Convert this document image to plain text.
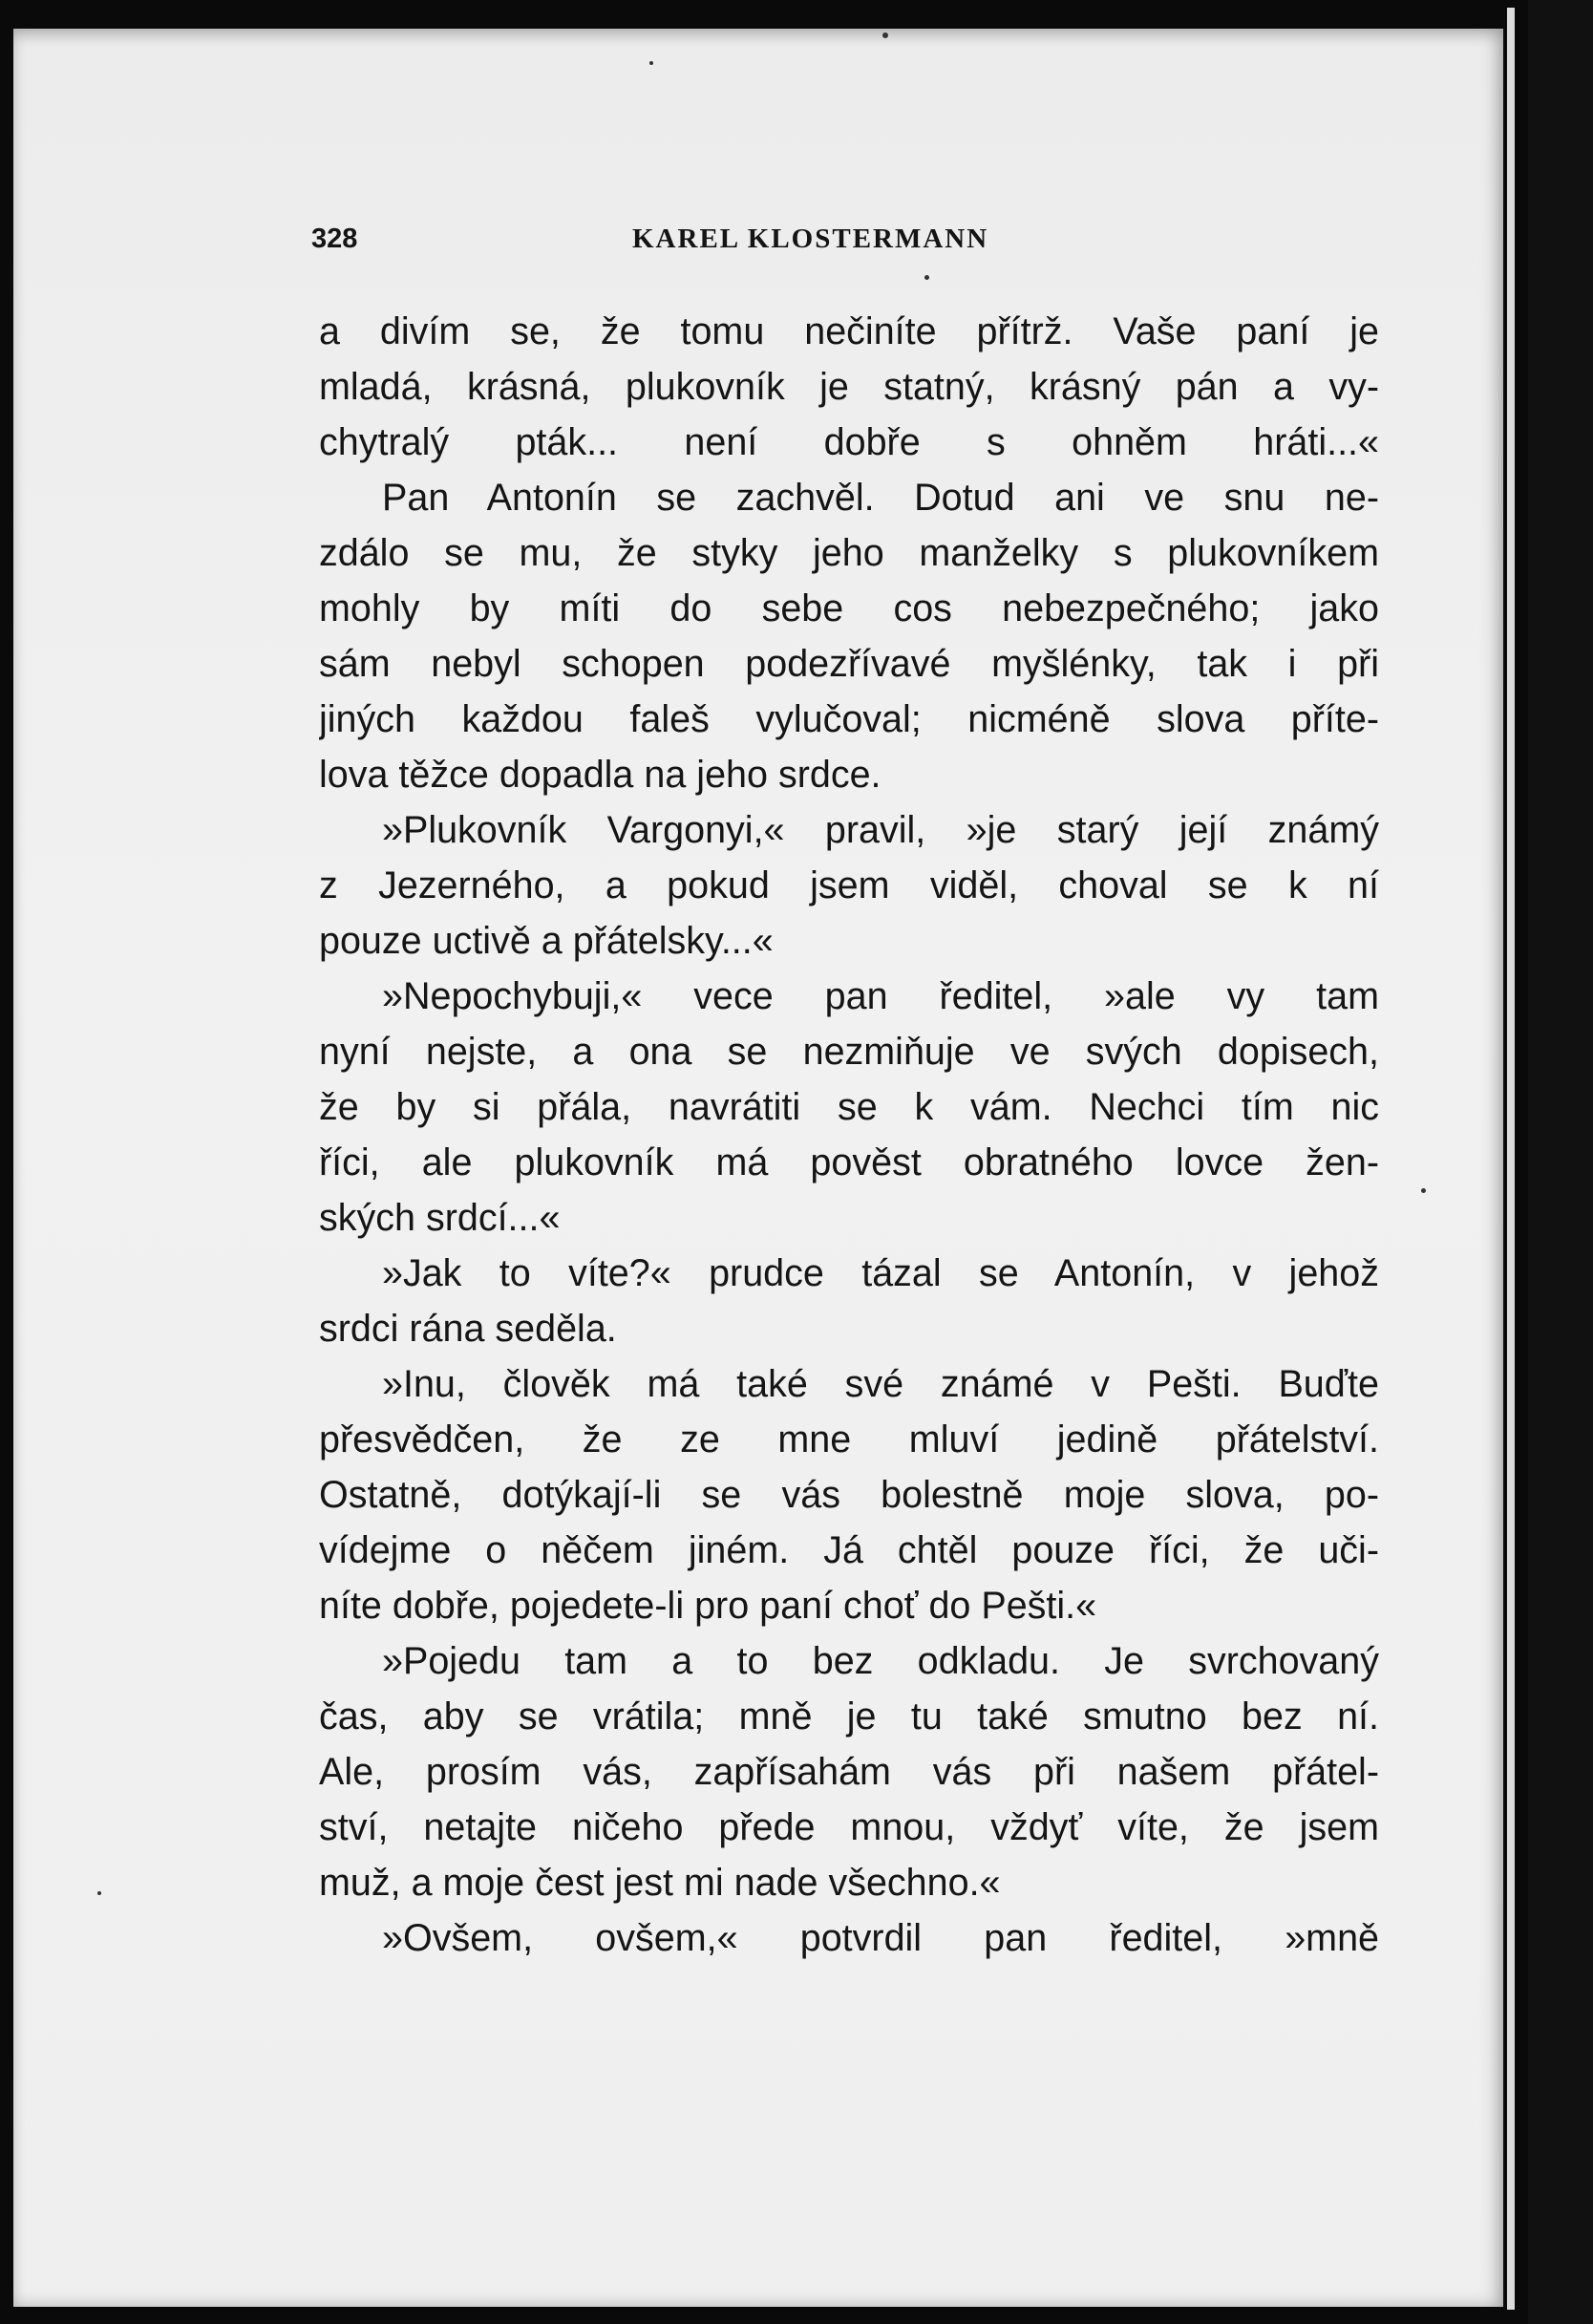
328	KAREL KLOSTERMANN
a divím se, že tomu nečiníte přítrž. Vaše paní je
mladá, krásná, plukovník je statný, krásný pán a vy-
chytralý pták... není dobře s ohněm hráti...«
Pan Antonín se zachvěl. Dotud ani ve snu ne-
zdálo se mu, že styky jeho manželky s plukovníkem
mohly by míti do sebe cos nebezpečného; jako
sám nebyl schopen podezřívavé myšlénky, tak i při
jiných každou faleš vylučoval; nicméně slova příte-
lova těžce dopadla na jeho srdce.
»Plukovník Vargonyi,« pravil, »je starý její známý
z Jezerného, a pokud jsem viděl, choval se k ní
pouze uctivě a přátelsky...«
»Nepochybuji,« vece pan ředitel, »ale vy tam
nyní nejste, a ona se nezmiňuje ve svých dopisech,
že by si přála, navrátiti se k vám. Nechci tím nic
říci, ale plukovník má pověst obratného lovce žen-
ských srdcí...«
»Jak to víte?« prudce tázal se Antonín, v jehož
srdci rána seděla.
»Inu, člověk má také své známé v Pešti. Buďte
přesvědčen, že ze mne mluví jedině přátelství.
Ostatně, dotýkají-li se vás bolestně moje slova, po-
vídejme o něčem jiném. Já chtěl pouze říci, že uči-
níte dobře, pojedete-li pro paní choť do Pešti.«
»Pojedu tam a to bez odkladu. Je svrchovaný
čas, aby se vrátila; mně je tu také smutno bez ní.
Ale, prosím vás, zapřísahám vás při našem přátel-
ství, netajte ničeho přede mnou, vždyť víte, že jsem
muž, a moje čest jest mi nade všechno.«
»Ovšem, ovšem,« potvrdil pan ředitel, »mně
